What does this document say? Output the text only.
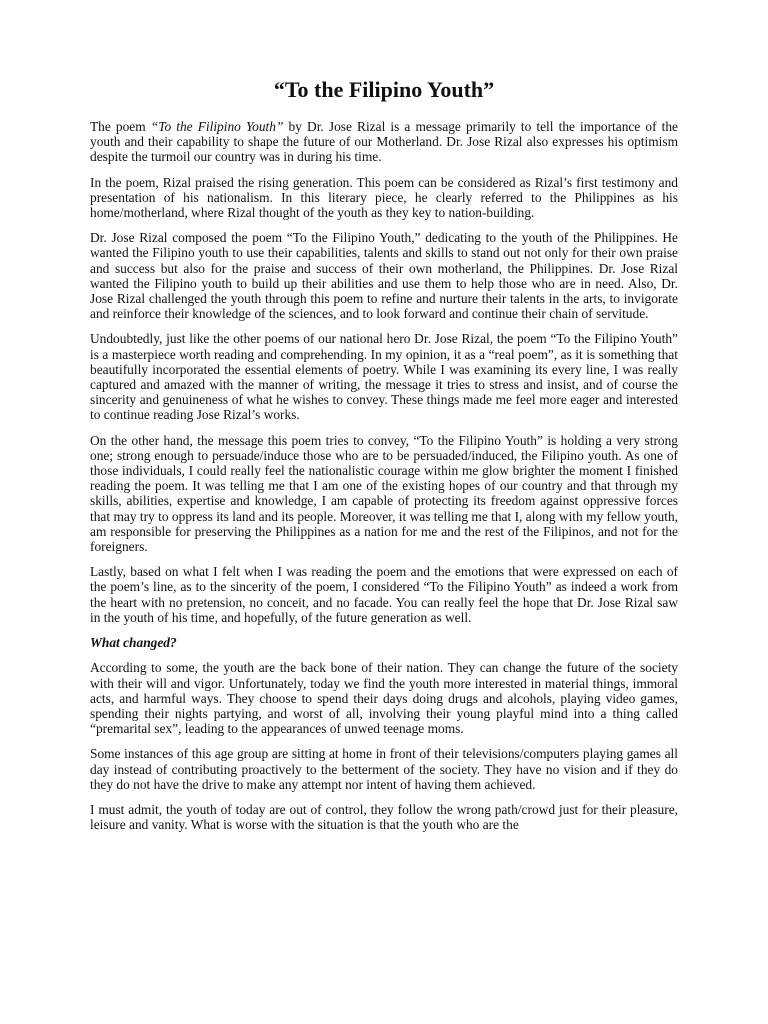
“To the Filipino Youth”

The poem “To the Filipino Youth” by Dr. Jose Rizal is a message primarily to tell the importance of the youth and their capability to shape the future of our Motherland. Dr. Jose Rizal also expresses his optimism despite the turmoil our country was in during his time.

In the poem, Rizal praised the rising generation. This poem can be considered as Rizal’s first testimony and presentation of his nationalism. In this literary piece, he clearly referred to the Philippines as his home/motherland, where Rizal thought of the youth as they key to nation-building.

Dr. Jose Rizal composed the poem “To the Filipino Youth,” dedicating to the youth of the Philippines. He wanted the Filipino youth to use their capabilities, talents and skills to stand out not only for their own praise and success but also for the praise and success of their own motherland, the Philippines. Dr. Jose Rizal wanted the Filipino youth to build up their abilities and use them to help those who are in need. Also, Dr. Jose Rizal challenged the youth through this poem to refine and nurture their talents in the arts, to invigorate and reinforce their knowledge of the sciences, and to look forward and continue their chain of servitude.

Undoubtedly, just like the other poems of our national hero Dr. Jose Rizal, the poem “To the Filipino Youth” is a masterpiece worth reading and comprehending. In my opinion, it as a “real poem”, as it is something that beautifully incorporated the essential elements of poetry. While I was examining its every line, I was really captured and amazed with the manner of writing, the message it tries to stress and insist, and of course the sincerity and genuineness of what he wishes to convey. These things made me feel more eager and interested to continue reading Jose Rizal’s works.

On the other hand, the message this poem tries to convey, “To the Filipino Youth” is holding a very strong one; strong enough to persuade/induce those who are to be persuaded/induced, the Filipino youth. As one of those individuals, I could really feel the nationalistic courage within me glow brighter the moment I finished reading the poem. It was telling me that I am one of the existing hopes of our country and that through my skills, abilities, expertise and knowledge, I am capable of protecting its freedom against oppressive forces that may try to oppress its land and its people. Moreover, it was telling me that I, along with my fellow youth, am responsible for preserving the Philippines as a nation for me and the rest of the Filipinos, and not for the foreigners.

Lastly, based on what I felt when I was reading the poem and the emotions that were expressed on each of the poem’s line, as to the sincerity of the poem, I considered “To the Filipino Youth” as indeed a work from the heart with no pretension, no conceit, and no facade. You can really feel the hope that Dr. Jose Rizal saw in the youth of his time, and hopefully, of the future generation as well.

What changed?

According to some, the youth are the back bone of their nation. They can change the future of the society with their will and vigor. Unfortunately, today we find the youth more interested in material things, immoral acts, and harmful ways. They choose to spend their days doing drugs and alcohols, playing video games, spending their nights partying, and worst of all, involving their young playful mind into a thing called “premarital sex”, leading to the appearances of unwed teenage moms.

Some instances of this age group are sitting at home in front of their televisions/computers playing games all day instead of contributing proactively to the betterment of the society. They have no vision and if they do they do not have the drive to make any attempt nor intent of having them achieved.

I must admit, the youth of today are out of control, they follow the wrong path/crowd just for their pleasure, leisure and vanity. What is worse with the situation is that the youth who are the
